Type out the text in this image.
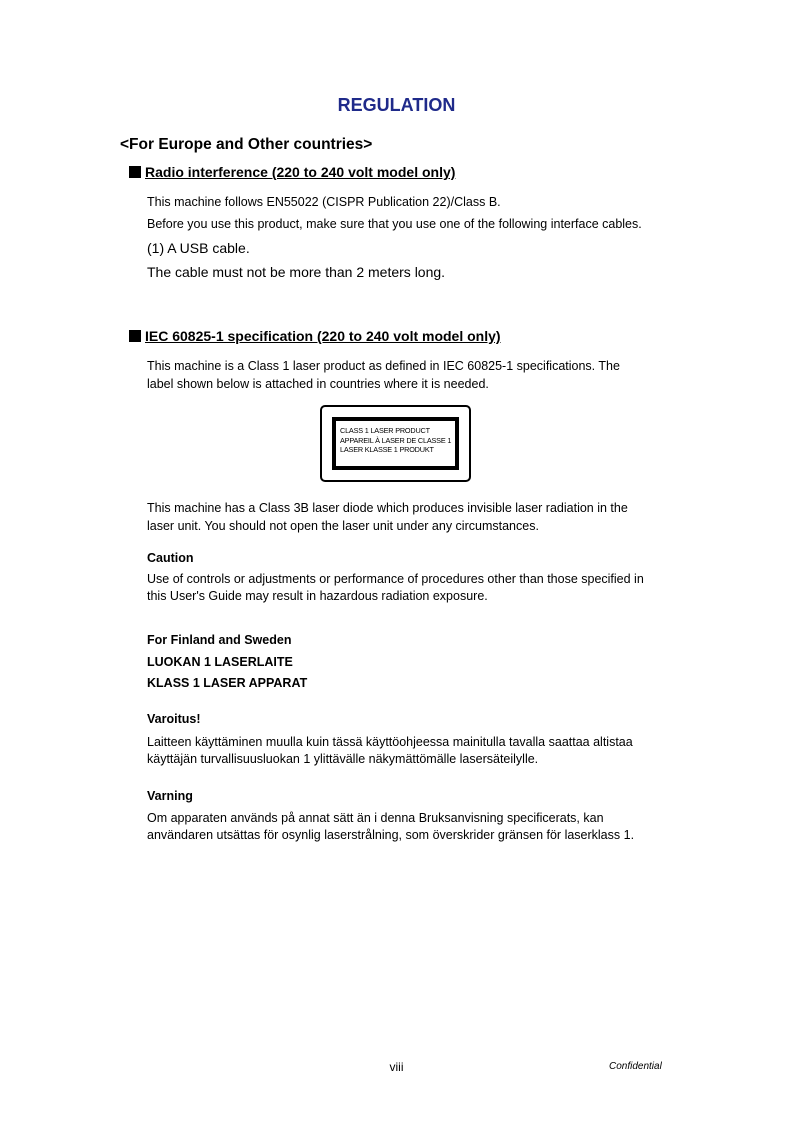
REGULATION
<For Europe and Other countries>
Radio interference (220 to 240 volt model only)
This machine follows EN55022 (CISPR Publication 22)/Class B.
Before you use this product, make sure that you use one of the following interface cables.
(1) A USB cable.
The cable must not be more than 2 meters long.
IEC 60825-1 specification (220 to 240 volt model only)
This machine is a Class 1 laser product as defined in IEC 60825-1 specifications. The
label shown below is attached in countries where it is needed.
CLASS 1 LASER PRODUCT
APPAREIL À LASER DE CLASSE 1
LASER KLASSE 1 PRODUKT
This machine has a Class 3B laser diode which produces invisible laser radiation in the
laser unit. You should not open the laser unit under any circumstances.
Caution
Use of controls or adjustments or performance of procedures other than those specified in
this User's Guide may result in hazardous radiation exposure.
For Finland and Sweden
LUOKAN 1 LASERLAITE
KLASS 1 LASER APPARAT
Varoitus!
Laitteen käyttäminen muulla kuin tässä käyttöohjeessa mainitulla tavalla saattaa altistaa
käyttäjän turvallisuusluokan 1 ylittävälle näkymättömälle lasersäteilylle.
Varning
Om apparaten används på annat sätt än i denna Bruksanvisning specificerats, kan
användaren utsättas för osynlig laserstrålning, som överskrider gränsen för laserklass 1.
viii	Confidential
